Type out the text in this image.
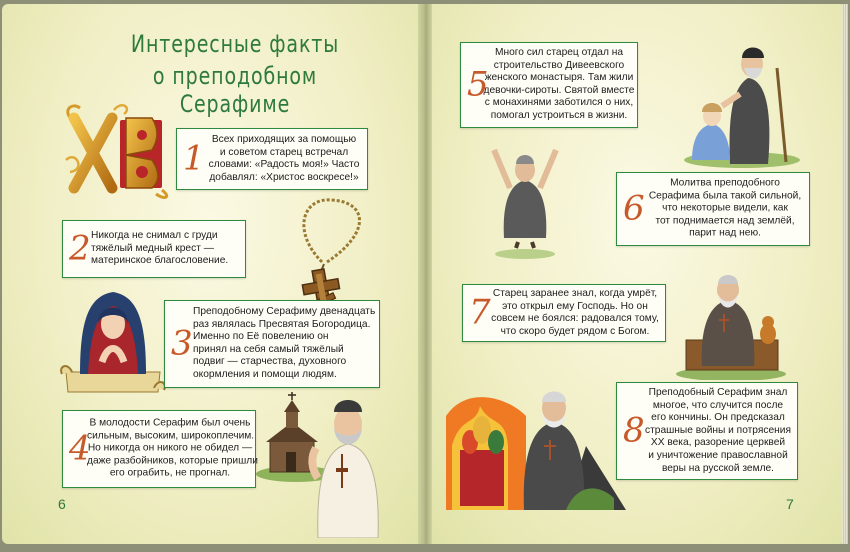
Интересные факты
о преподобном Серафиме
ХВ
1 Всех приходящих за помощью
и советом старец встречал
словами: «Радость моя!» Часто
добавлял: «Христос воскресе!»
2 Никогда не снимал с груди
тяжёлый медный крест —
материнское благословение.
3
Преподобному Серафиму двенадцать
раз являлась Пресвятая Богородица.
Именно по Её повелению он
принял на себя самый тяжёлый
подвиг — старчества, духовного
окормления и помощи людям.
4
В молодости Серафим был очень
сильным, высоким, широкоплечим.
Но никогда он никого не обидел —
даже разбойников, которые пришли
его ограбить, не прогнал.
5
Много сил старец отдал на
строительство Дивеевского
женского монастыря. Там жили
девочки-сироты. Святой вместе
с монахинями заботился о них,
помогал устроиться в жизни.
6
Молитва преподобного
Серафима была такой сильной,
что некоторые видели, как
тот поднимается над землёй,
парит над нею.
7 Старец заранее знал, когда умрёт,
это открыл ему Господь. Но он
совсем не боялся: радовался тому,
что скоро будет рядом с Богом.
8
Преподобный Серафим знал
многое, что случится после
его кончины. Он предсказал
страшные войны и потрясения
XX века, разорение церквей
и уничтожение православной
веры на русской земле.
6	7
